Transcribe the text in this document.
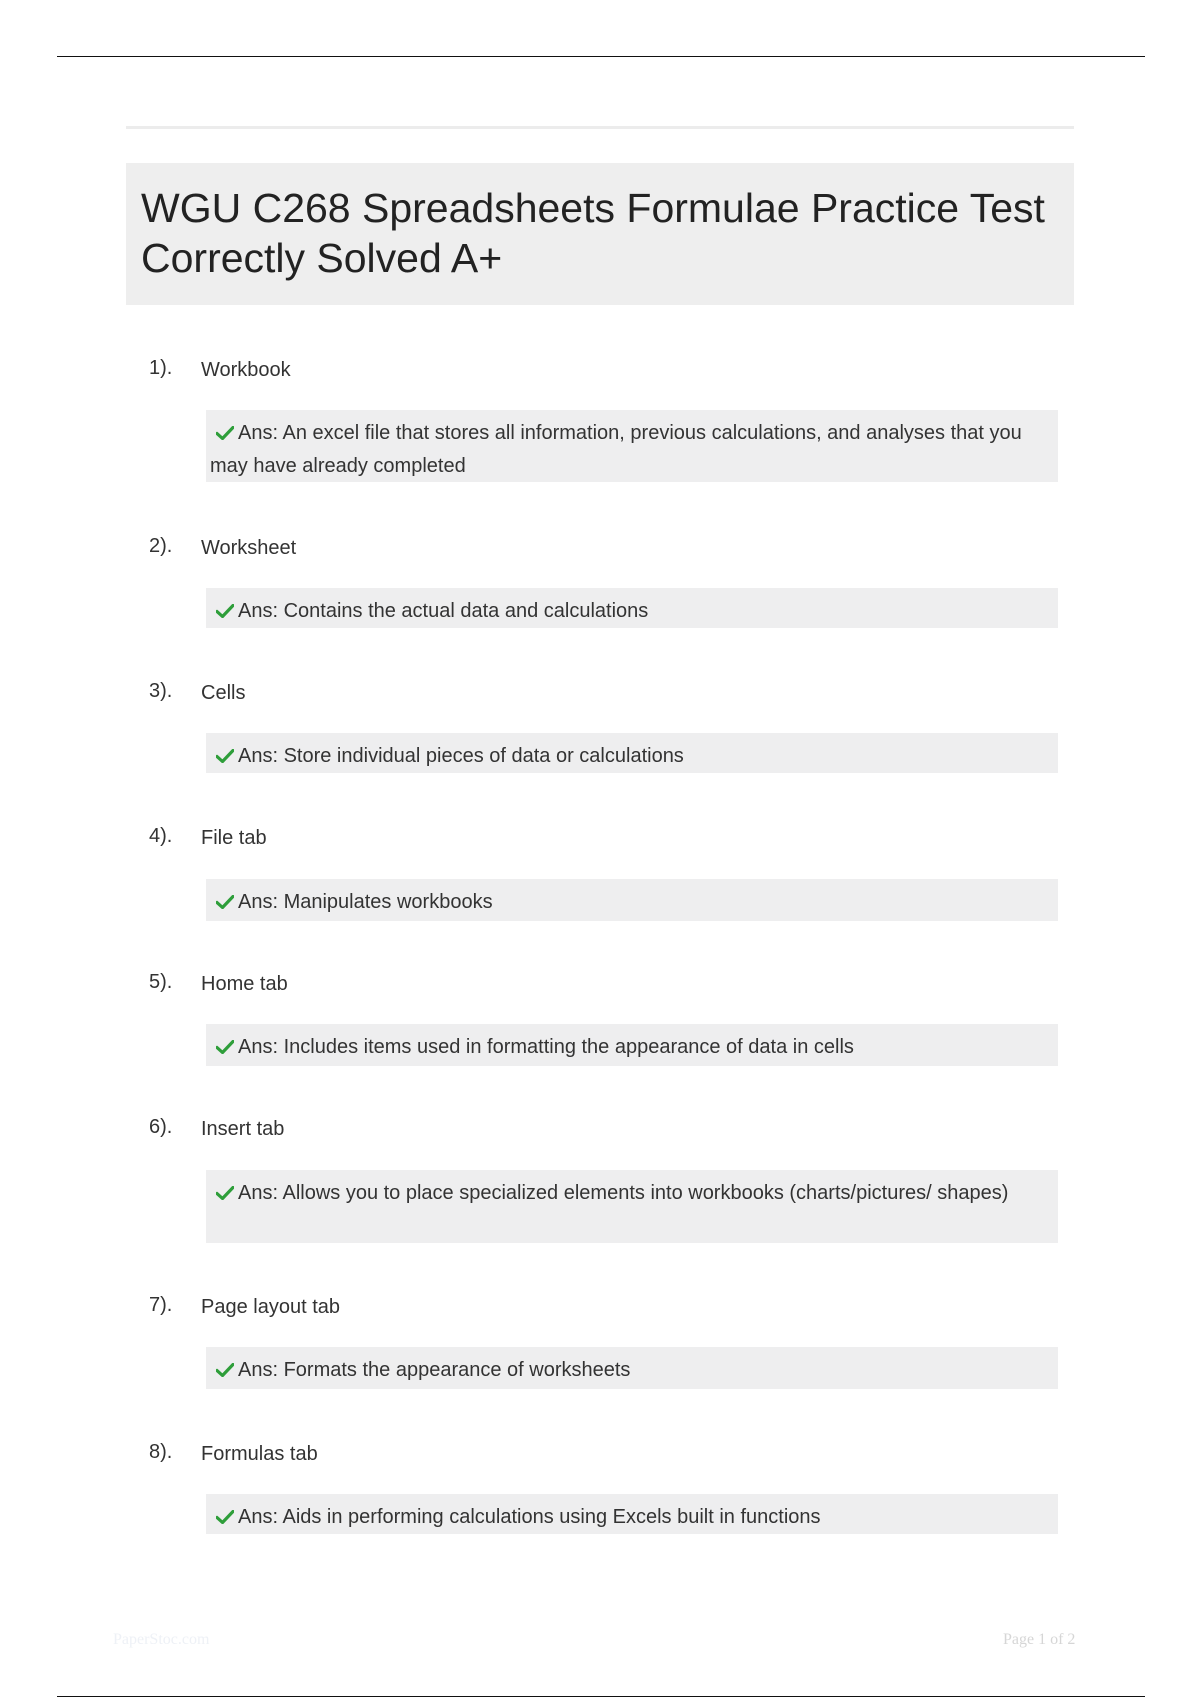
WGU C268 Spreadsheets Formulae Practice Test Correctly Solved A+
1). Workbook
Ans: An excel file that stores all information, previous calculations, and analyses that you may have already completed
2). Worksheet
Ans: Contains the actual data and calculations
3). Cells
Ans: Store individual pieces of data or calculations
4). File tab
Ans: Manipulates workbooks
5). Home tab
Ans: Includes items used in formatting the appearance of data in cells
6). Insert tab
Ans: Allows you to place specialized elements into workbooks (charts/pictures/ shapes)
7). Page layout tab
Ans: Formats the appearance of worksheets
8). Formulas tab
Ans: Aids in performing calculations using Excels built in functions
PaperStoc.com	Page 1 of 2
